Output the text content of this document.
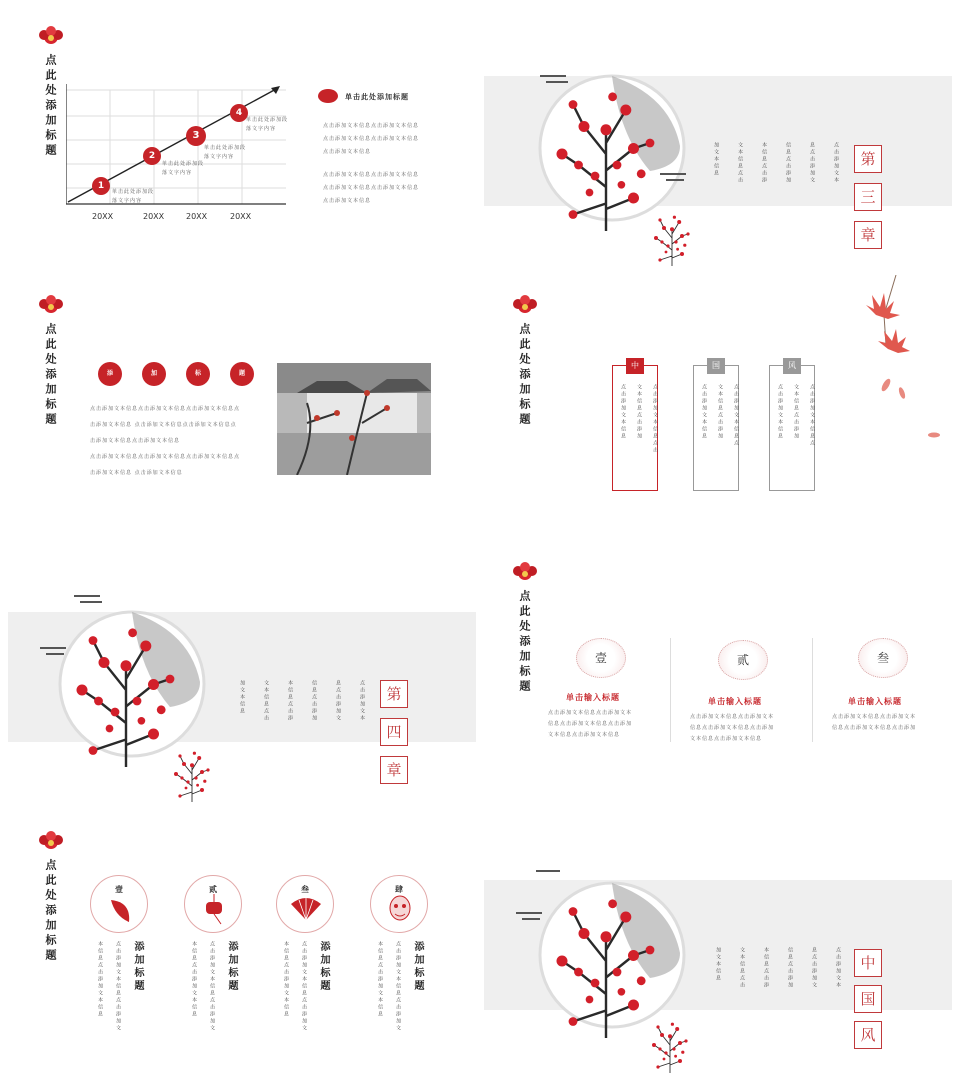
点此处添加标题
1
2
3
4
单击此处添加段落文字内容
单击此处添加段落文字内容
单击此处添加段落文字内容
单击此处添加段落文字内容
20XX	20XX	20XX	20XX
单击此处添加标题
点击添加文本信息点击添加文本信息
点击添加文本信息点击添加文本信息
点击添加文本信息
点击添加文本信息点击添加文本信息
点击添加文本信息点击添加文本信息
点击添加文本信息
加文本信息	文本信息点击	本信息点击添	信息点击添加	息点击添加文	点击添加文本	第
三
章
点此处添加标题	添	加	标	题
点击添加文本信息点击添加文本信息点击添加文本信息点
击添加文本信息 点击添加文本信息点击添加文本信息点
击添加文本信息点击添加文本信息
点击添加文本信息点击添加文本信息点击添加文本信息点
击添加文本信息 点击添加文本信息
点此处添加标题	中
点击添加文本信息	文本信息点击添加	点击添加文本信息点击
国
点击添加文本信息	文本信息点击添加	点击添加文本信息点
风
点击添加文本信息	文本信息点击添加	点击添加文本信息点
加文本信息	文本信息点击	本信息点击添	信息点击添加	息点击添加文	点击添加文本	第
四
章
点此处添加标题	壹
单击输入标题
点击添加文本信息点击添加文本
信息点击添加文本信息点击添加
文本信息点击添加文本信息
贰
单击输入标题
点击添加文本信息点击添加文本
信息点击添加文本信息点击添加
文本信息点击添加文本信息
叁
单击输入标题
点击添加文本信息点击添加文本
信息点击添加文本信息点击添加
点此处添加标题	壹	贰	叁	肆
本信息点击添加文本信息	点击添加文本信息点击添加文	添加标题	本信息点击添加文本信息	点击添加文本信息点击添加文	添加标题	本信息点击添加文本信息	点击添加文本信息点击添加文	添加标题	本信息点击添加文本信息	点击添加文本信息点击添加文	添加标题	加文本信息	文本信息点击	本信息点击添	信息点击添加	息点击添加文	点击添加文本	中
国
风
